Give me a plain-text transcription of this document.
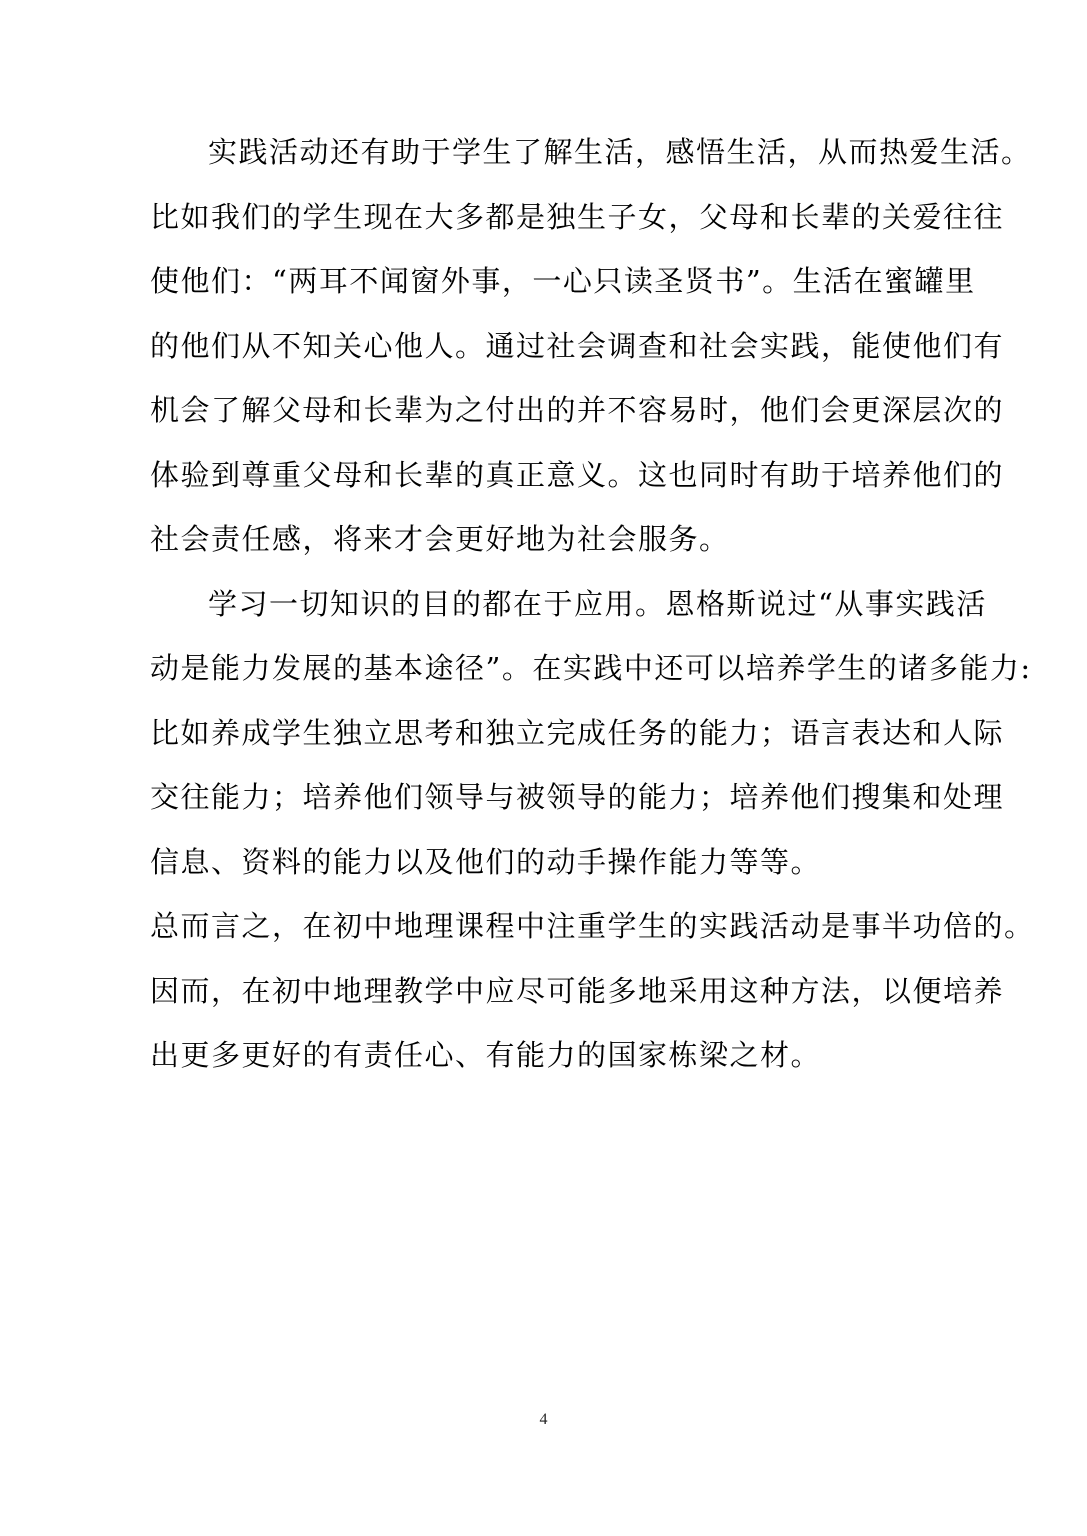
实践活动还有助于学生了解生活，感悟生活，从而热爱生活。
比如我们的学生现在大多都是独生子女，父母和长辈的关爱往往
使他们：“两耳不闻窗外事，一心只读圣贤书”。生活在蜜罐里
的他们从不知关心他人。通过社会调查和社会实践，能使他们有
机会了解父母和长辈为之付出的并不容易时，他们会更深层次的
体验到尊重父母和长辈的真正意义。这也同时有助于培养他们的
社会责任感，将来才会更好地为社会服务。
学习一切知识的目的都在于应用。恩格斯说过“从事实践活
动是能力发展的基本途径”。在实践中还可以培养学生的诸多能力:
比如养成学生独立思考和独立完成任务的能力；语言表达和人际
交往能力；培养他们领导与被领导的能力；培养他们搜集和处理
信息、资料的能力以及他们的动手操作能力等等。
总而言之，在初中地理课程中注重学生的实践活动是事半功倍的。
因而，在初中地理教学中应尽可能多地采用这种方法，以便培养
出更多更好的有责任心、有能力的国家栋梁之材。
4
